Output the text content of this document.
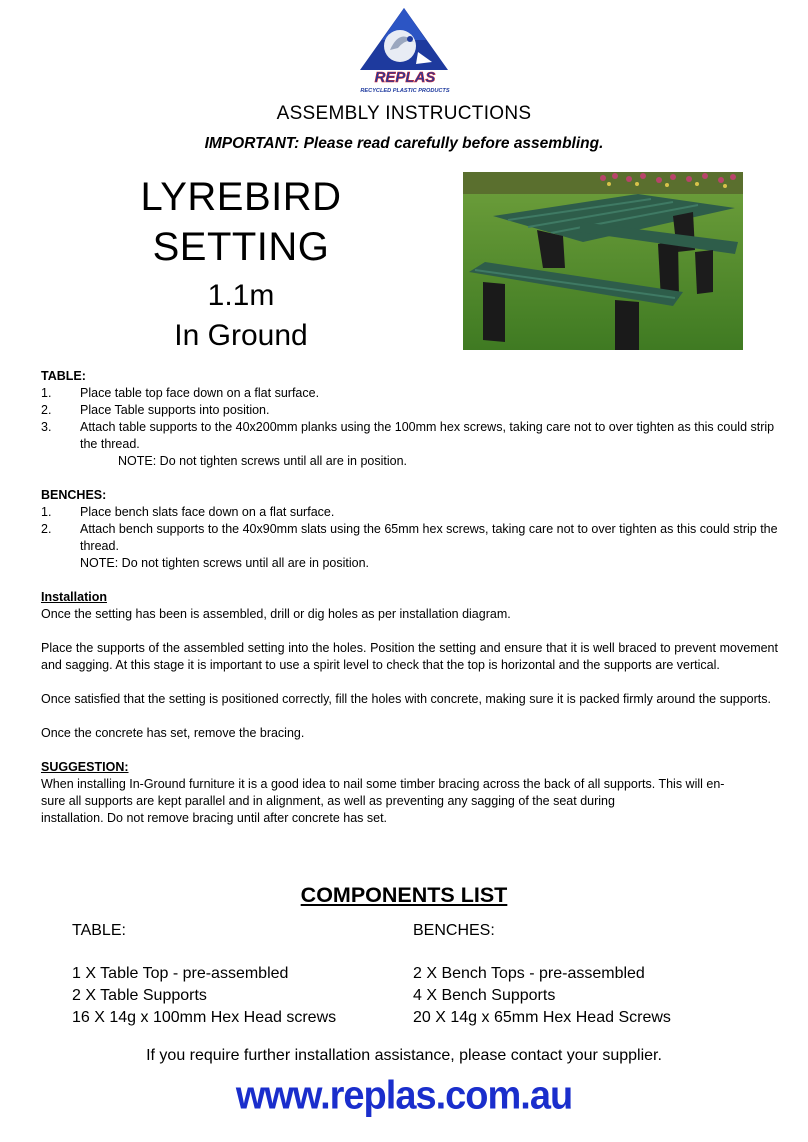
REPLAS
RECYCLED PLASTIC PRODUCTS
ASSEMBLY INSTRUCTIONS
IMPORTANT: Please read carefully before assembling.
LYREBIRD
SETTING
1.1m
In Ground
TABLE:
1. Place table top face down on a flat surface.
2. Place Table supports into position.
3. Attach table supports to the 40x200mm planks using the 100mm hex screws, taking care not to over tighten as this could strip the thread.
NOTE: Do not tighten screws until all are in position.
BENCHES:
1. Place bench slats face down on a flat surface.
2. Attach bench supports to the 40x90mm slats using the 65mm hex screws, taking care not to over tighten as this could strip the thread.
NOTE: Do not tighten screws until all are in position.
Installation
Once the setting has been is assembled, drill or dig holes as per installation diagram.
Place the supports of the assembled setting into the holes. Position the setting and ensure that it is well braced to prevent movement and sagging. At this stage it is important to use a spirit level to check that the top is horizontal and the supports are vertical.
Once satisfied that the setting is positioned correctly, fill the holes with concrete, making sure it is packed firmly around the supports.
Once the concrete has set, remove the bracing.
SUGGESTION:
When installing In-Ground furniture it is a good idea to nail some timber bracing across the back of all supports. This will en-
sure all supports are kept parallel and in alignment, as well as preventing any sagging of the seat during
installation. Do not remove bracing until after concrete has set.
COMPONENTS LIST
TABLE:
1 X Table Top - pre-assembled
2 X Table Supports
16 X 14g x 100mm Hex Head screws
BENCHES:
2 X Bench Tops - pre-assembled
4 X Bench Supports
20 X 14g x 65mm Hex Head Screws
If you require further installation assistance, please contact your supplier.
www.replas.com.au
